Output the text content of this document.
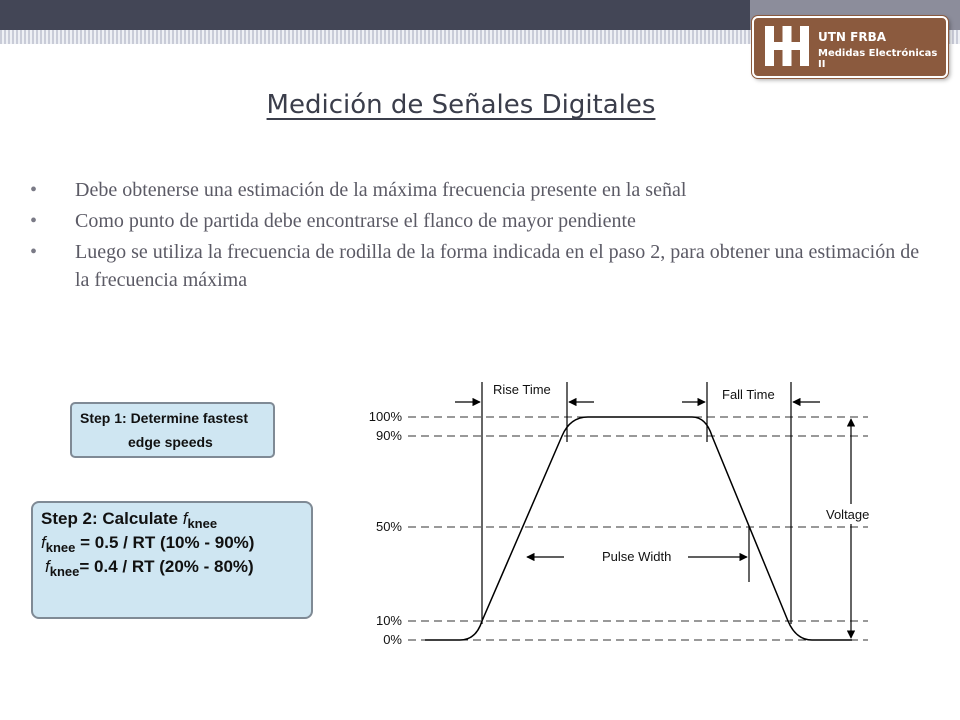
UTN FRBA
Medidas Electrónicas II
Medición de Señales Digitales
• Debe obtenerse una estimación de la máxima frecuencia presente en la señal
• Como punto de partida debe encontrarse el flanco de mayor pendiente
• Luego se utiliza la frecuencia de rodilla de la forma indicada en el paso 2, para obtener una estimación de la frecuencia máxima
Step 1: Determine fastest
edge speeds
Step 2: Calculate $f_{knee}$
$f_{knee} = 0.5$ / RT (10% - 90%)
$f_{knee}= 0.4$ / RT (20% - 80%)
100%
90%
50%
10%
0%
Rise Time	Fall Time
Pulse Width
Voltage
